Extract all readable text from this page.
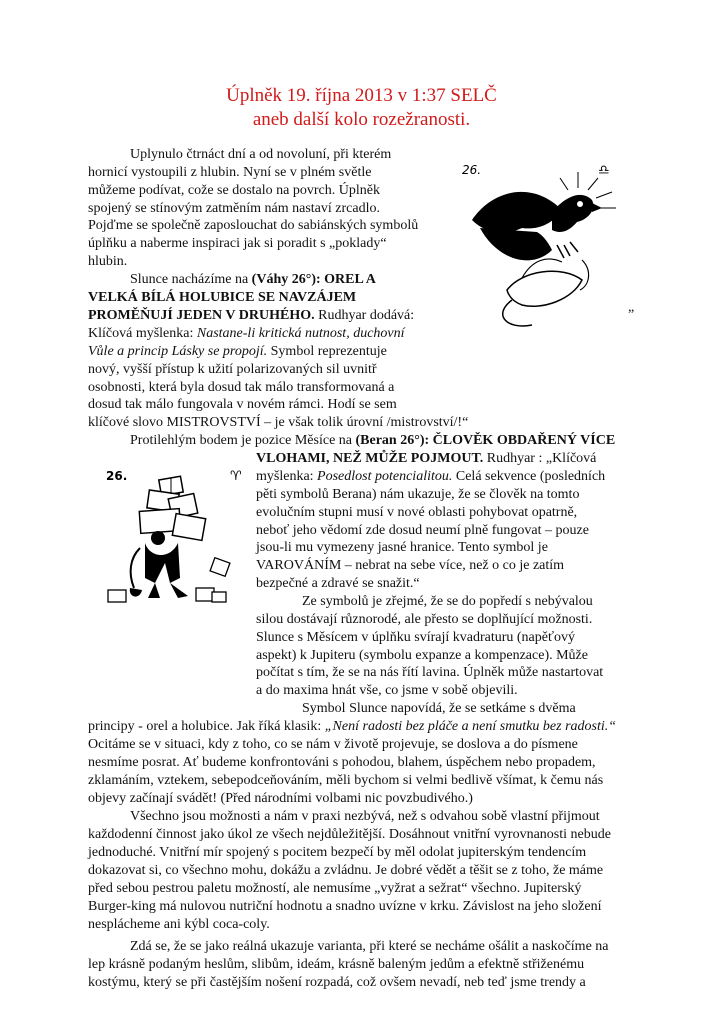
Úplněk 19. října 2013 v 1:37 SELČ
aneb další kolo rozežranosti.
26.	♎
„
Uplynulo čtrnáct dní a od novoluní, při kterém
hornicí vystoupili z hlubin. Nyní se v plném světle
můžeme podívat, cože se dostalo na povrch. Úplněk
spojený se stínovým zatměním nám nastaví zrcadlo.
Pojďme se společně zaposlouchat do sabiánských symbolů
úplňku a naberme inspiraci jak si poradit s „poklady“
hlubin.
Slunce nacházíme na (Váhy 26°): OREL A
VELKÁ BÍLÁ HOLUBICE SE NAVZÁJEM
PROMĚŇUJÍ JEDEN V DRUHÉHO. Rudhyar dodává:
Klíčová myšlenka: Nastane-li kritická nutnost, duchovní
Vůle a princip Lásky se propojí. Symbol reprezentuje
nový, vyšší přístup k užití polarizovaných sil uvnitř
osobnosti, která byla dosud tak málo transformovaná a
dosud tak málo fungovala v novém rámci. Hodí se sem
klíčové slovo MISTROVSTVÍ – je však tolik úrovní /mistrovství/!“
Protilehlým bodem je pozice Měsíce na (Beran 26°): ČLOVĚK OBDAŘENÝ VÍCE
26.	♈
VLOHAMI, NEŽ MŮŽE POJMOUT. Rudhyar : „Klíčová
myšlenka: Posedlost potencialitou. Celá sekvence (posledních
pěti symbolů Berana) nám ukazuje, že se člověk na tomto
evolučním stupni musí v nové oblasti pohybovat opatrně,
neboť jeho vědomí zde dosud neumí plně fungovat – pouze
jsou-li mu vymezeny jasné hranice. Tento symbol je
VAROVÁNÍM – nebrat na sebe více, než o co je zatím
bezpečné a zdravé se snažit.“
Ze symbolů je zřejmé, že se do popředí s nebývalou
silou dostávají různorodé, ale přesto se doplňující možnosti.
Slunce s Měsícem v úplňku svírají kvadraturu (napěťový
aspekt) k Jupiteru (symbolu expanze a kompenzace). Může
počítat s tím, že se na nás řítí lavina. Úplněk může nastartovat
a do maxima hnát vše, co jsme v sobě objevili.
Symbol Slunce napovídá, že se setkáme s dvěma
principy - orel a holubice. Jak říká klasik: „Není radosti bez pláče a není smutku bez radosti.“
Ocitáme se v situaci, kdy z toho, co se nám v životě projevuje, se doslova a do písmene
nesmíme posrat. Ať budeme konfrontováni s pohodou, blahem, úspěchem nebo propadem,
zklamáním, vztekem, sebepodceňováním, měli bychom si velmi bedlivě všímat, k čemu nás
objevy začínají svádět! (Před národními volbami nic povzbudivého.)
Všechno jsou možnosti a nám v praxi nezbývá, než s odvahou sobě vlastní přijmout
každodenní činnost jako úkol ze všech nejdůležitější. Dosáhnout vnitřní vyrovnanosti nebude
jednoduché. Vnitřní mír spojený s pocitem bezpečí by měl odolat jupiterským tendencím
dokazovat si, co všechno mohu, dokážu a zvládnu. Je dobré vědět a těšit se z toho, že máme
před sebou pestrou paletu možností, ale nemusíme „vyžrat a sežrat“ všechno. Jupiterský
Burger-king má nulovou nutriční hodnotu a snadno uvízne v krku. Závislost na jeho složení
nesplácheme ani kýbl coca-coly.
Zdá se, že se jako reálná ukazuje varianta, při které se necháme ošálit a naskočíme na
lep krásně podaným heslům, slibům, ideám, krásně baleným jedům a efektně střiženému
kostýmu, který se při častějším nošení rozpadá, což ovšem nevadí, neb teď jsme trendy a
